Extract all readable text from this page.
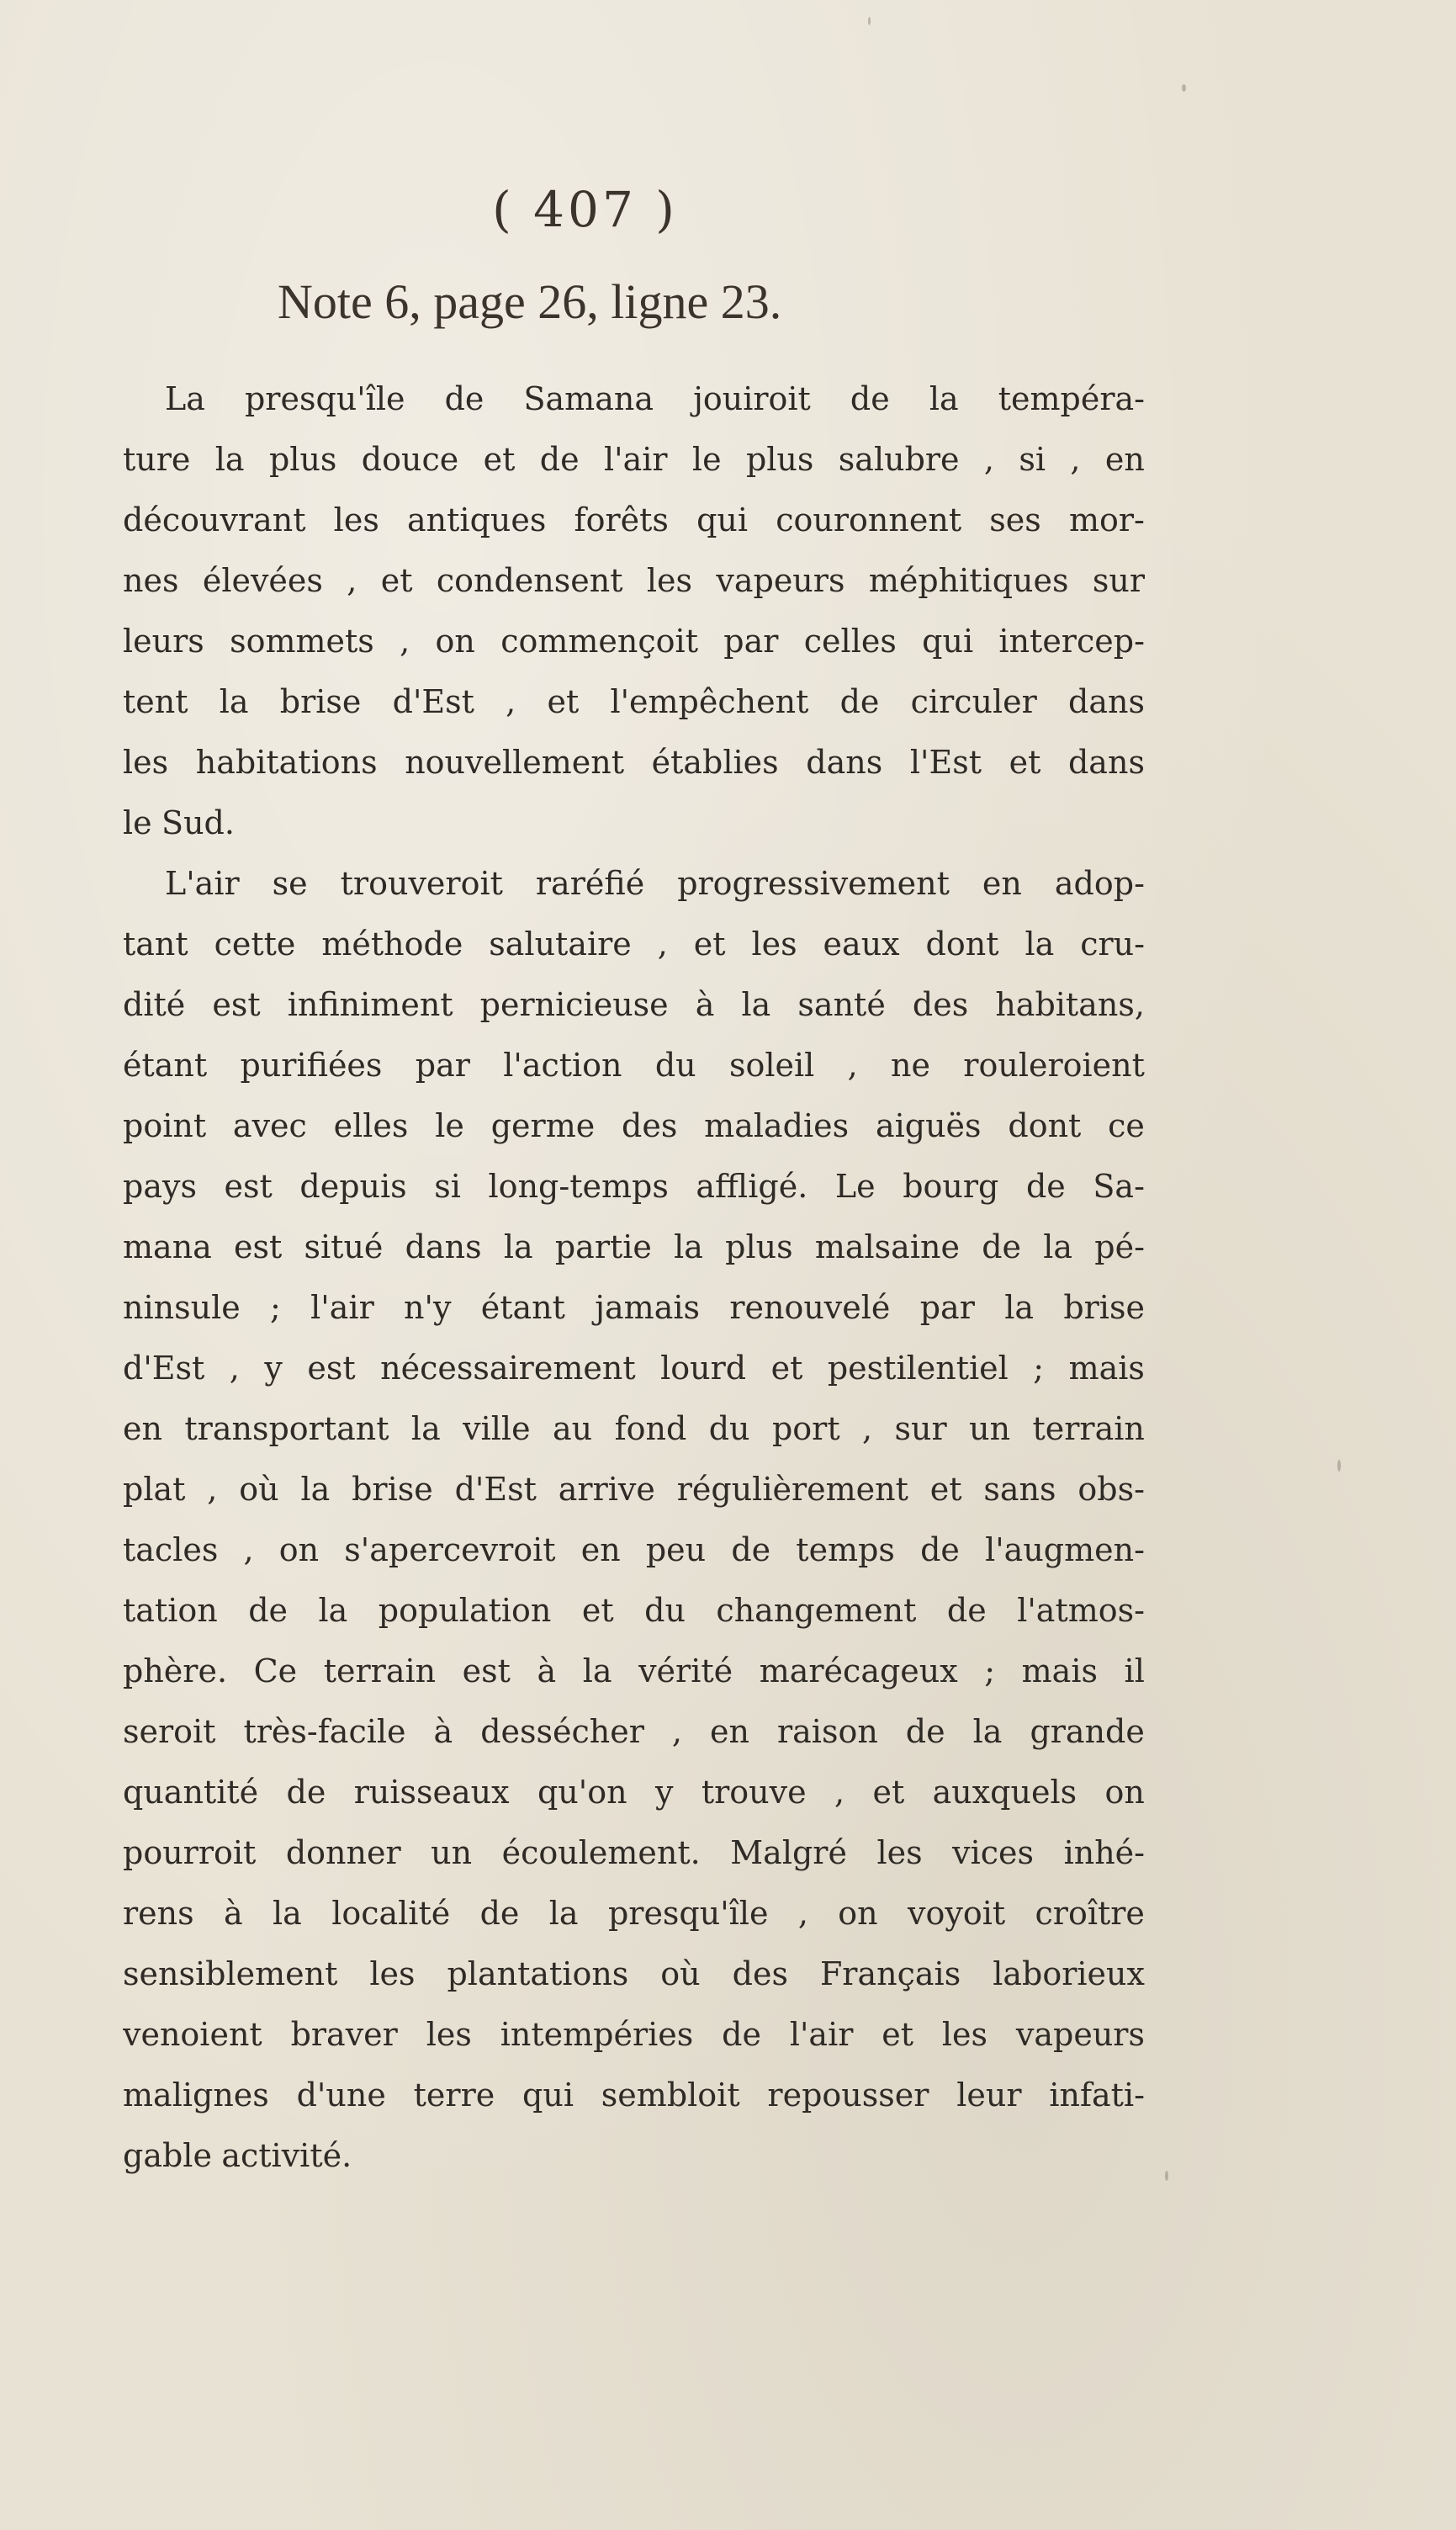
( 407 )
Note 6, page 26, ligne 23.
La presqu'île de Samana jouiroit de la tempéra-
ture la plus douce et de l'air le plus salubre , si , en
découvrant les antiques forêts qui couronnent ses mor-
nes élevées , et condensent les vapeurs méphitiques sur
leurs sommets , on commençoit par celles qui intercep-
tent la brise d'Est , et l'empêchent de circuler dans
les habitations nouvellement établies dans l'Est et dans
le Sud.
L'air se trouveroit raréfié progressivement en adop-
tant cette méthode salutaire , et les eaux dont la cru-
dité est infiniment pernicieuse à la santé des habitans,
étant purifiées par l'action du soleil , ne rouleroient
point avec elles le germe des maladies aiguës dont ce
pays est depuis si long-temps affligé. Le bourg de Sa-
mana est situé dans la partie la plus malsaine de la pé-
ninsule ; l'air n'y étant jamais renouvelé par la brise
d'Est , y est nécessairement lourd et pestilentiel ; mais
en transportant la ville au fond du port , sur un terrain
plat , où la brise d'Est arrive régulièrement et sans obs-
tacles , on s'apercevroit en peu de temps de l'augmen-
tation de la population et du changement de l'atmos-
phère. Ce terrain est à la vérité marécageux ; mais il
seroit très-facile à dessécher , en raison de la grande
quantité de ruisseaux qu'on y trouve , et auxquels on
pourroit donner un écoulement. Malgré les vices inhé-
rens à la localité de la presqu'île , on voyoit croître
sensiblement les plantations où des Français laborieux
venoient braver les intempéries de l'air et les vapeurs
malignes d'une terre qui sembloit repousser leur infati-
gable activité.
